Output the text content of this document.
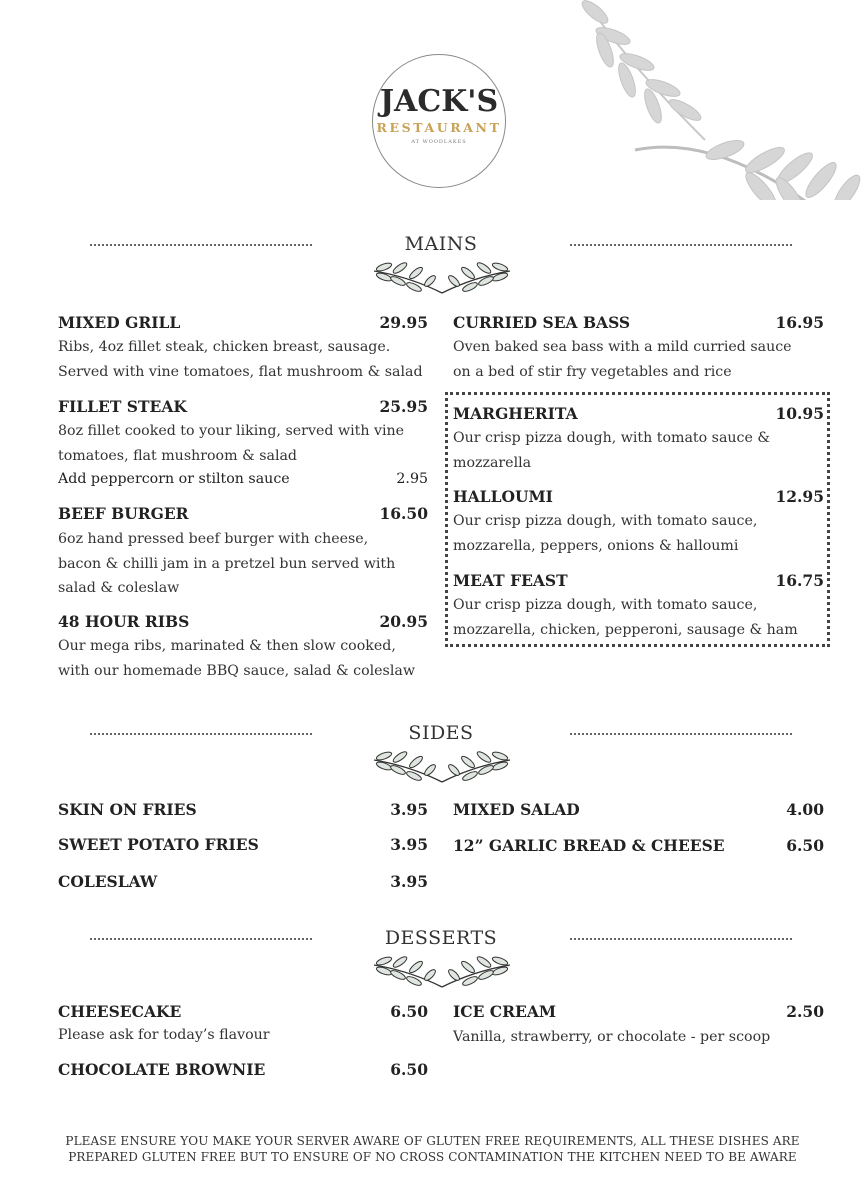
JACK'S
RESTAURANT
AT WOODLAKES
MAINS
MIXED GRILL	29.95
Ribs, 4oz fillet steak, chicken breast, sausage.
Served with vine tomatoes, flat mushroom & salad
FILLET STEAK	25.95
8oz fillet cooked to your liking, served with vine
tomatoes, flat mushroom & salad
Add peppercorn or stilton sauce	2.95
BEEF BURGER	16.50
6oz hand pressed beef burger with cheese,
bacon & chilli jam in a pretzel bun served with
salad & coleslaw
48 HOUR RIBS	20.95
Our mega ribs, marinated & then slow cooked,
with our homemade BBQ sauce, salad & coleslaw
CURRIED SEA BASS	16.95
Oven baked sea bass with a mild curried sauce
on a bed of stir fry vegetables and rice
MARGHERITA	10.95
Our crisp pizza dough, with tomato sauce &
mozzarella
HALLOUMI	12.95
Our crisp pizza dough, with tomato sauce,
mozzarella, peppers, onions & halloumi
MEAT FEAST	16.75
Our crisp pizza dough, with tomato sauce,
mozzarella, chicken, pepperoni, sausage & ham
SIDES
SKIN ON FRIES	3.95
SWEET POTATO FRIES	3.95
COLESLAW	3.95
MIXED SALAD	4.00
12” GARLIC BREAD & CHEESE	6.50
DESSERTS
CHEESECAKE	6.50
Please ask for today’s flavour
CHOCOLATE BROWNIE	6.50
ICE CREAM	2.50
Vanilla, strawberry, or chocolate - per scoop
PLEASE ENSURE YOU MAKE YOUR SERVER AWARE OF GLUTEN FREE REQUIREMENTS, ALL THESE DISHES ARE
PREPARED GLUTEN FREE BUT TO ENSURE OF NO CROSS CONTAMINATION THE KITCHEN NEED TO BE AWARE
